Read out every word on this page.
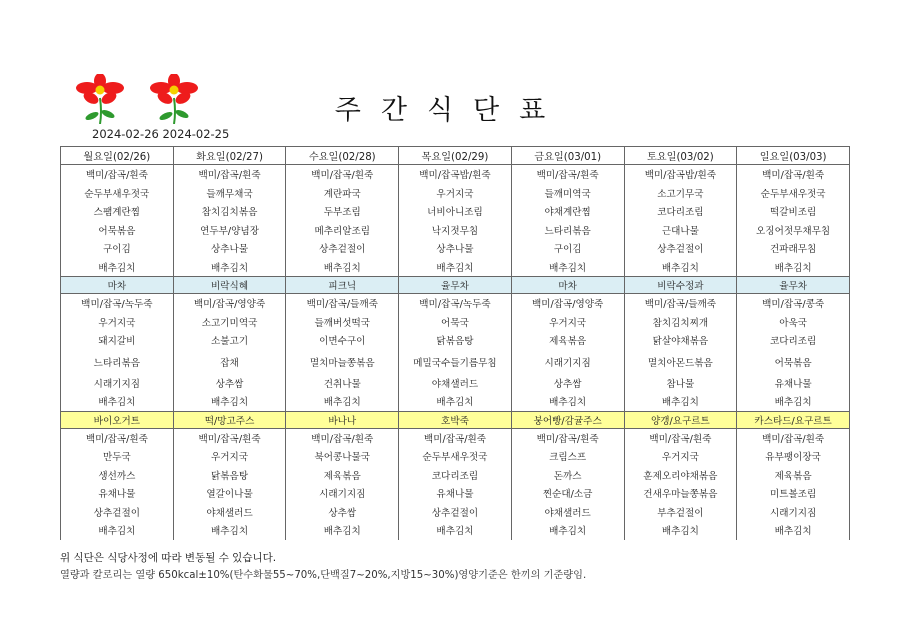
주간식단표
2024-02-26 2024-02-25
월요일(02/26)	화요일(02/27)	수요일(02/28)	목요일(02/29)	금요일(03/01)	토요일(03/02)	일요일(03/03)
백미/잡곡/흰죽	백미/잡곡/흰죽	백미/잡곡/흰죽	백미/잡곡밥/흰죽	백미/잡곡/흰죽	백미/잡곡밥/흰죽	백미/잡곡/흰죽
순두부새우젓국	들깨무채국	계란파국	우거지국	들깨미역국	소고기무국	순두부새우젓국
스팸계란찜	참치김치볶음	두부조림	너비아니조림	야채계란찜	코다리조림	떡갈비조림
어묵볶음	연두부/양념장	메추리알조림	낙지젓무침	느타리볶음	근대나물	오징어젓무채무침
구이김	상추나물	상추겉절이	상추나물	구이김	상추겉절이	건파래무침
배추김치	배추김치	배추김치	배추김치	배추김치	배추김치	배추김치
마차	비락식혜	피크닉	율무차	마차	비락수정과	율무차
백미/잡곡/녹두죽	백미/잡곡/영양죽	백미/잡곡/들깨죽	백미/잡곡/녹두죽	백미/잡곡/영양죽	백미/잡곡/들깨죽	백미/잡곡/콩죽
우거지국	소고기미역국	들깨버섯떡국	어묵국	우거지국	참치김치찌개	아욱국
돼지갈비	소불고기	이면수구이	닭볶음탕	제육볶음	닭살야채볶음	코다리조림
느타리볶음	잡채	멸치마늘쫑볶음	메밀국수들기름무침	시래기지짐	멸치아몬드볶음	어묵볶음
시래기지짐	상추쌈	건취나물	야채샐러드	상추쌈	참나물	유채나물
배추김치	배추김치	배추김치	배추김치	배추김치	배추김치	배추김치
바이오거트	떡/망고주스	바나나	호박죽	붕어빵/감귤주스	양갱/요구르트	카스타드/요구르트
백미/잡곡/흰죽	백미/잡곡/흰죽	백미/잡곡/흰죽	백미/잡곡/흰죽	백미/잡곡/흰죽	백미/잡곡/흰죽	백미/잡곡/흰죽
만두국	우거지국	북어콩나물국	순두부새우젓국	크림스프	우거지국	유부팽이장국
생선까스	닭볶음탕	제육볶음	코다리조림	돈까스	훈제오리야채볶음	제육볶음
유채나물	열갈이나물	시래기지짐	유채나물	찐순대/소금	건새우마늘쫑볶음	미트볼조림
상추겉절이	야채샐러드	상추쌈	상추겉절이	야채샐러드	부추겉절이	시래기지짐
배추김치	배추김치	배추김치	배추김치	배추김치	배추김치	배추김치
위 식단은 식당사정에 따라 변동될 수 있습니다.
열량과 칼로리는 열량 650kcal±10%(탄수화물55~70%,단백질7~20%,지방15~30%)영양기준은 한끼의 기준량임.
